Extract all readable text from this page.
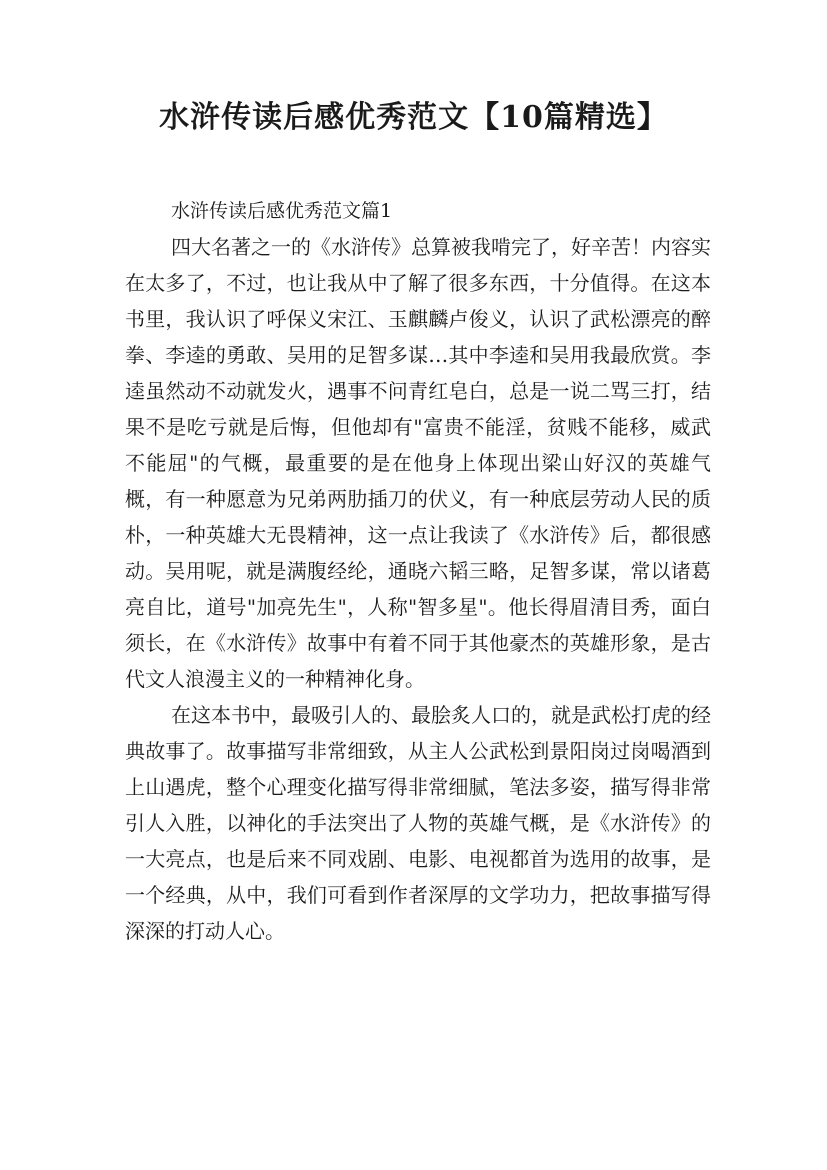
水浒传读后感优秀范文【10篇精选】

水浒传读后感优秀范文篇1

四大名著之一的《水浒传》总算被我啃完了，好辛苦！内容实在太多了，不过，也让我从中了解了很多东西，十分值得。在这本书里，我认识了呼保义宋江、玉麒麟卢俊义，认识了武松漂亮的醉拳、李逵的勇敢、吴用的足智多谋…其中李逵和吴用我最欣赏。李逵虽然动不动就发火，遇事不问青红皂白，总是一说二骂三打，结果不是吃亏就是后悔，但他却有"富贵不能淫，贫贱不能移，威武不能屈"的气概，最重要的是在他身上体现出梁山好汉的英雄气概，有一种愿意为兄弟两肋插刀的伏义，有一种底层劳动人民的质朴，一种英雄大无畏精神，这一点让我读了《水浒传》后，都很感动。吴用呢，就是满腹经纶，通晓六韬三略，足智多谋，常以诸葛亮自比，道号"加亮先生"，人称"智多星"。他长得眉清目秀，面白须长，在《水浒传》故事中有着不同于其他豪杰的英雄形象，是古代文人浪漫主义的一种精神化身。

在这本书中，最吸引人的、最脍炙人口的，就是武松打虎的经典故事了。故事描写非常细致，从主人公武松到景阳岗过岗喝酒到上山遇虎，整个心理变化描写得非常细腻，笔法多姿，描写得非常引人入胜，以神化的手法突出了人物的英雄气概，是《水浒传》的一大亮点，也是后来不同戏剧、电影、电视都首为选用的故事，是一个经典，从中，我们可看到作者深厚的文学功力，把故事描写得深深的打动人心。
